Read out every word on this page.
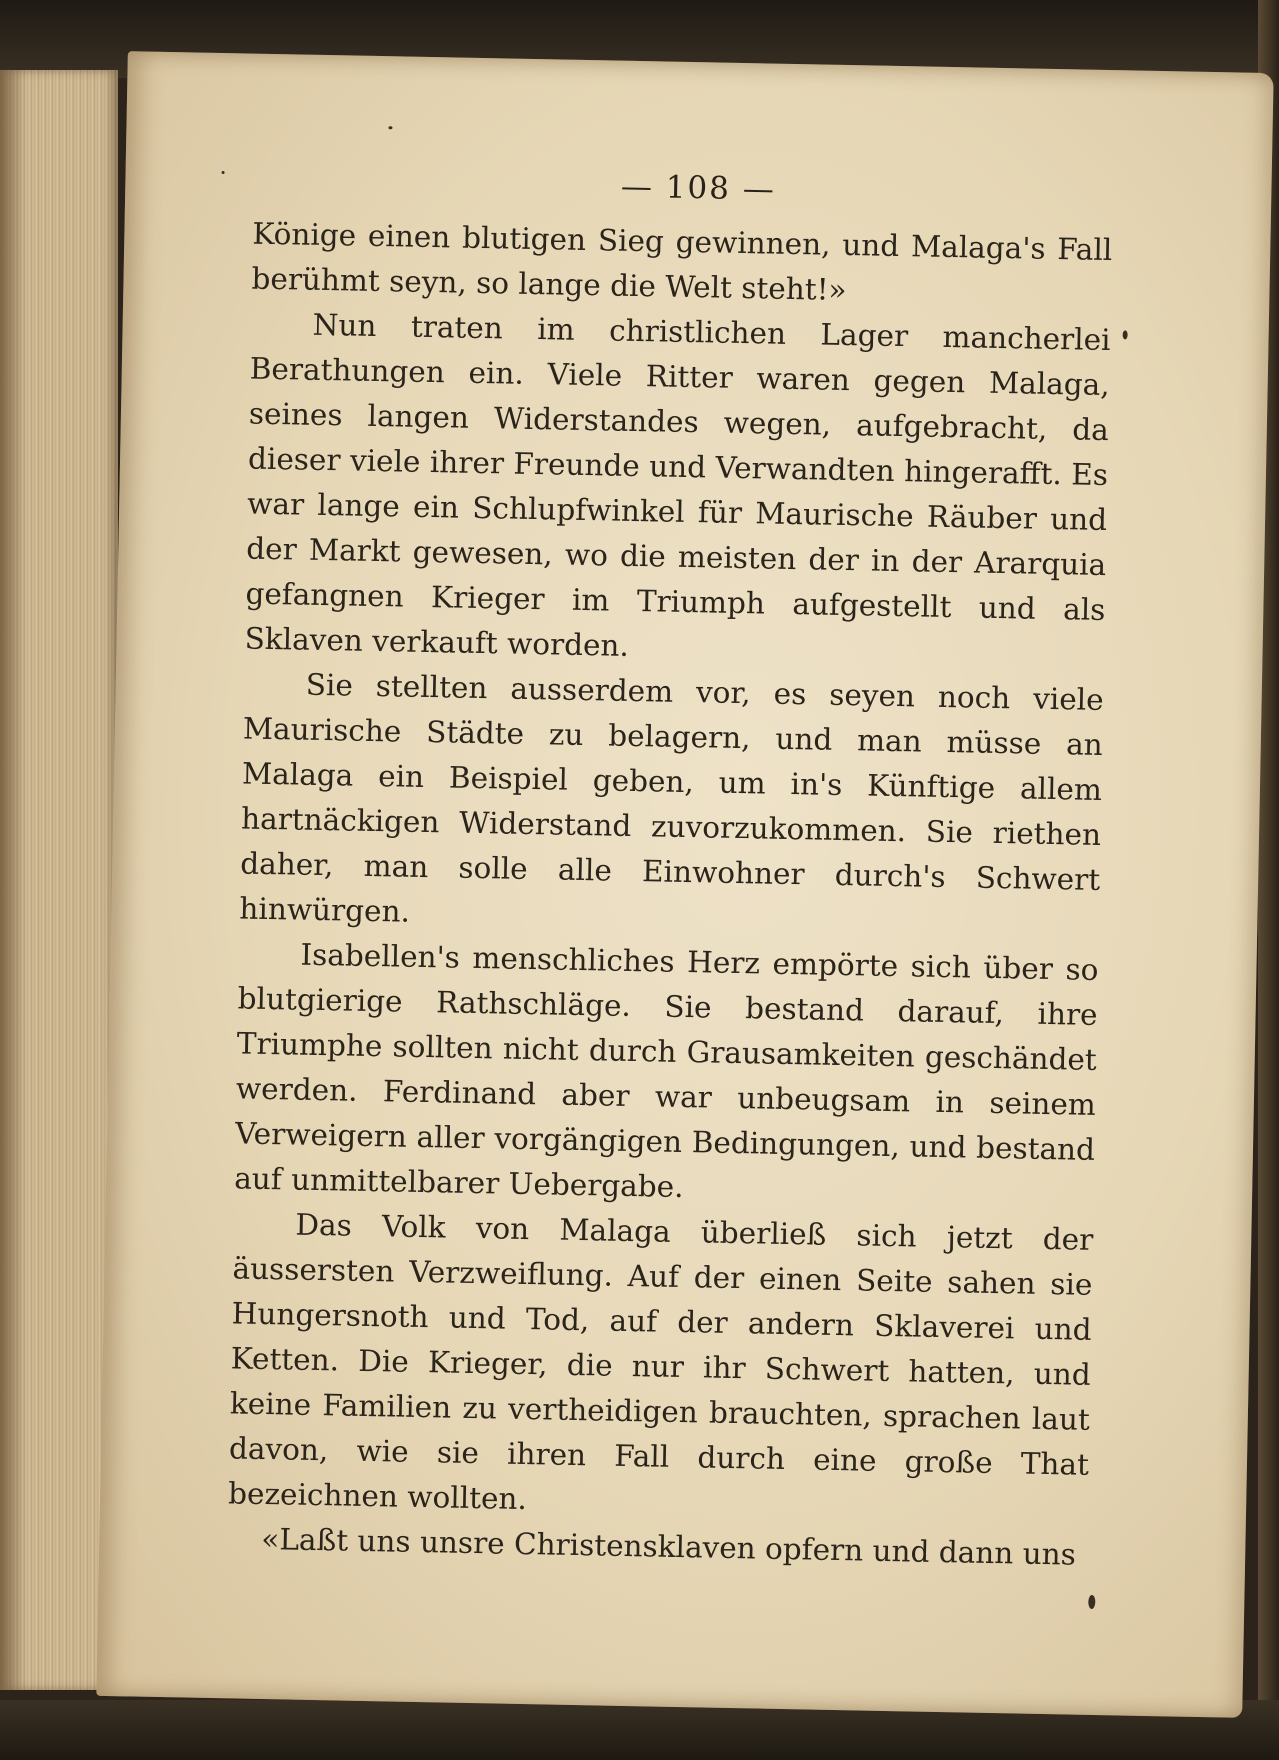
— 108 —

Könige einen blutigen Sieg gewinnen, und Malaga's Fall berühmt seyn, so lange die Welt steht!»

Nun traten im christlichen Lager mancherlei Berathungen ein. Viele Ritter waren gegen Malaga, seines langen Widerstandes wegen, aufgebracht, da dieser viele ihrer Freunde und Verwandten hingerafft. Es war lange ein Schlupfwinkel für Maurische Räuber und der Markt gewesen, wo die meisten der in der Ararquia gefangnen Krieger im Triumph aufgestellt und als Sklaven verkauft worden.

Sie stellten ausserdem vor, es seyen noch viele Maurische Städte zu belagern, und man müsse an Malaga ein Beispiel geben, um in's Künftige allem hartnäckigen Widerstand zuvorzukommen. Sie riethen daher, man solle alle Einwohner durch's Schwert hinwürgen.

Isabellen's menschliches Herz empörte sich über so blutgierige Rathschläge. Sie bestand darauf, ihre Triumphe sollten nicht durch Grausamkeiten geschändet werden. Ferdinand aber war unbeugsam in seinem Verweigern aller vorgängigen Bedingungen, und bestand auf unmittelbarer Uebergabe.

Das Volk von Malaga überließ sich jetzt der äussersten Verzweiflung. Auf der einen Seite sahen sie Hungersnoth und Tod, auf der andern Sklaverei und Ketten. Die Krieger, die nur ihr Schwert hatten, und keine Familien zu vertheidigen brauchten, sprachen laut davon, wie sie ihren Fall durch eine große That bezeichnen wollten.

«Laßt uns unsre Christensklaven opfern und dann uns
